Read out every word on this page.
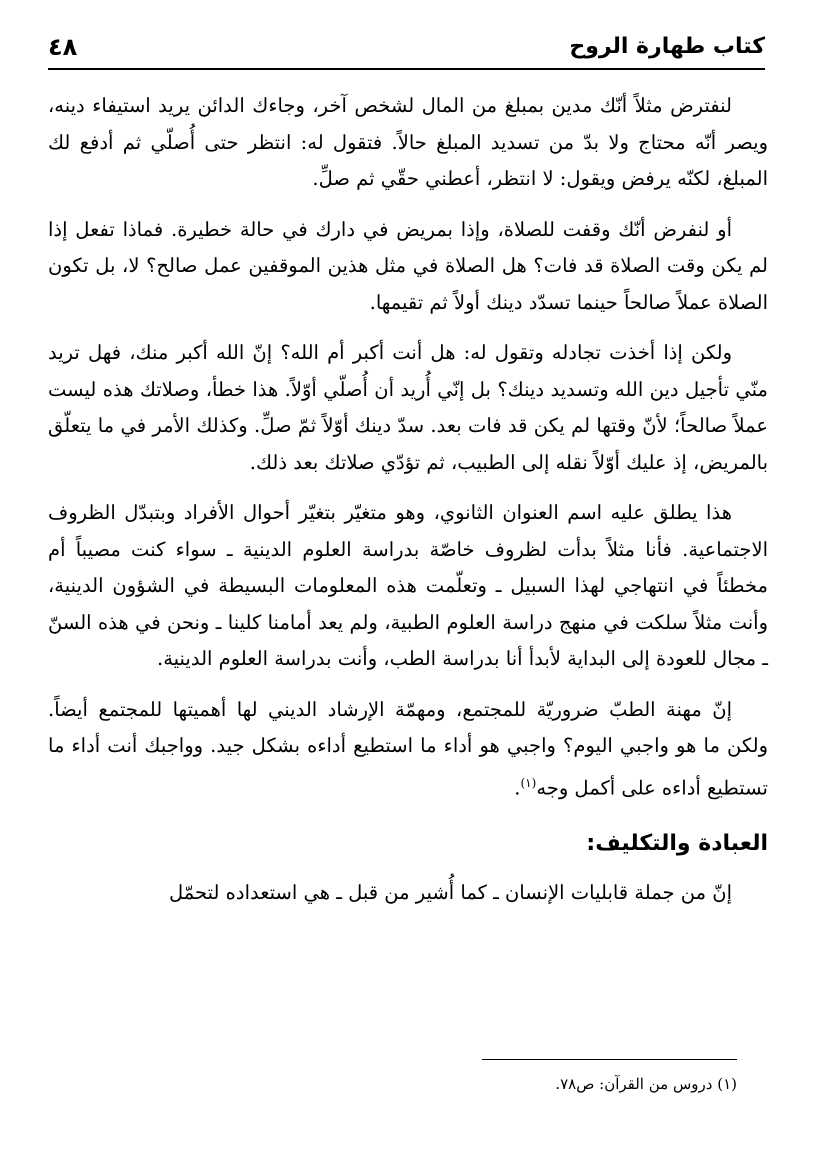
كتاب طهارة الروح
٤٨

لنفترض مثلاً أنّك مدين بمبلغ من المال لشخص آخر، وجاءك الدائن يريد استيفاء دينه، ويصر أنّه محتاج ولا بدّ من تسديد المبلغ حالاً. فتقول له: انتظر حتى أُصلّي ثم أدفع لك المبلغ، لكنّه يرفض ويقول: لا انتظر، أعطني حقّي ثم صلِّ.

أو لنفرض أنّك وقفت للصلاة، وإذا بمريض في دارك في حالة خطيرة. فماذا تفعل إذا لم يكن وقت الصلاة قد فات؟ هل الصلاة في مثل هذين الموقفين عمل صالح؟ لا، بل تكون الصلاة عملاً صالحاً حينما تسدّد دينك أولاً ثم تقيمها.

ولكن إذا أخذت تجادله وتقول له: هل أنت أكبر أم الله؟ إنّ الله أكبر منك، فهل تريد منّي تأجيل دين الله وتسديد دينك؟ بل إنّي أُريد أن أُصلّي أوّلاً. هذا خطأ، وصلاتك هذه ليست عملاً صالحاً؛ لأنّ وقتها لم يكن قد فات بعد. سدّ دينك أوّلاً ثمّ صلِّ. وكذلك الأمر في ما يتعلّق بالمريض، إذ عليك أوّلاً نقله إلى الطبيب، ثم تؤدّي صلاتك بعد ذلك.

هذا يطلق عليه اسم العنوان الثانوي، وهو متغيّر بتغيّر أحوال الأفراد وبتبدّل الظروف الاجتماعية. فأنا مثلاً بدأت لظروف خاصّة بدراسة العلوم الدينية ـ سواء كنت مصيباً أم مخطئاً في انتهاجي لهذا السبيل ـ وتعلّمت هذه المعلومات البسيطة في الشؤون الدينية، وأنت مثلاً سلكت في منهج دراسة العلوم الطبية، ولم يعد أمامنا كلينا ـ ونحن في هذه السنّ ـ مجال للعودة إلى البداية لأبدأ أنا بدراسة الطب، وأنت بدراسة العلوم الدينية.

إنّ مهنة الطبّ ضروريّة للمجتمع، ومهمّة الإرشاد الديني لها أهميتها للمجتمع أيضاً. ولكن ما هو واجبي اليوم؟ واجبي هو أداء ما استطيع أداءه بشكل جيد. وواجبك أنت أداء ما تستطيع أداءه على أكمل وجه$^{(١)}$.

العبادة والتكليف:

إنّ من جملة قابليات الإنسان ـ كما أُشير من قبل ـ هي استعداده لتحمّل

(١) دروس من القرآن: ص٧٨.
